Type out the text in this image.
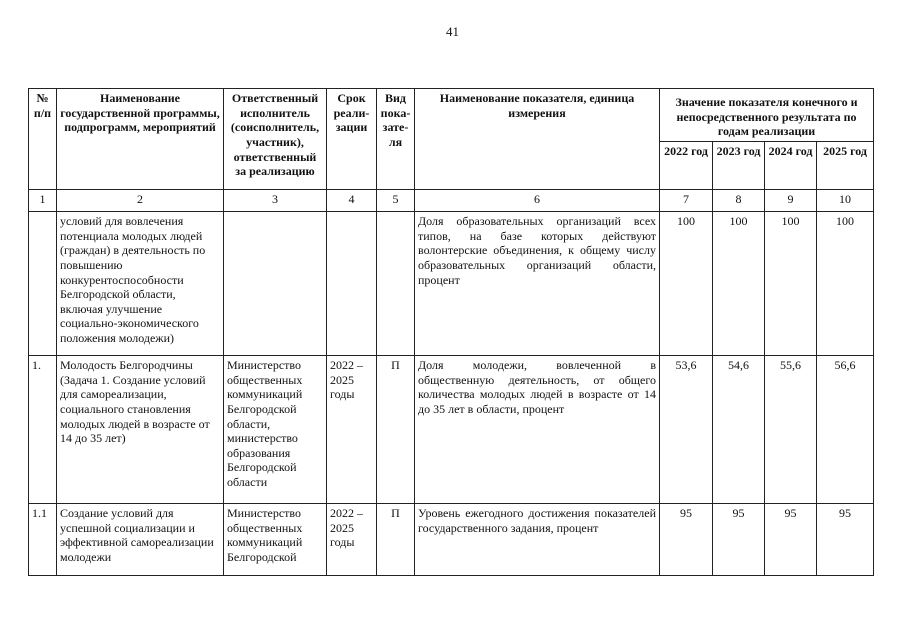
41
№ п/п	Наименование государственной программы, подпрограмм, мероприятий	Ответственный исполнитель (соисполнитель, участник), ответственный за реализацию	Срок реали-зации	Вид пока-зате-ля	Наименование показателя, единица измерения	Значение показателя конечного и непосредственного результата по годам реализации			
						2022 год	2023 год	2024 год	2025 год
1	2	3	4	5	6	7	8	9	10
	условий для вовлечения потенциала молодых людей (граждан) в деятельность по повышению конкурентоспособности Белгородской области, включая улучшение социально-экономического положения молодежи)				Доля образовательных организаций всех типов, на базе которых действуют волонтерские объединения, к общему числу образовательных организаций области, процент	100	100	100	100
1.	Молодость Белгородчины (Задача 1. Создание условий для самореализации, социального становления молодых людей в возрасте от 14 до 35 лет)	Министерство общественных коммуникаций Белгородской области, министерство образования Белгородской области	2022 – 2025 годы	П	Доля молодежи, вовлеченной в общественную деятельность, от общего количества молодых людей в возрасте от 14 до 35 лет в области, процент	53,6	54,6	55,6	56,6
1.1	Создание условий для успешной социализации и эффективной самореализации молодежи	Министерство общественных коммуникаций Белгородской	2022 – 2025 годы	П	Уровень ежегодного достижения показателей государственного задания, процент	95	95	95	95
